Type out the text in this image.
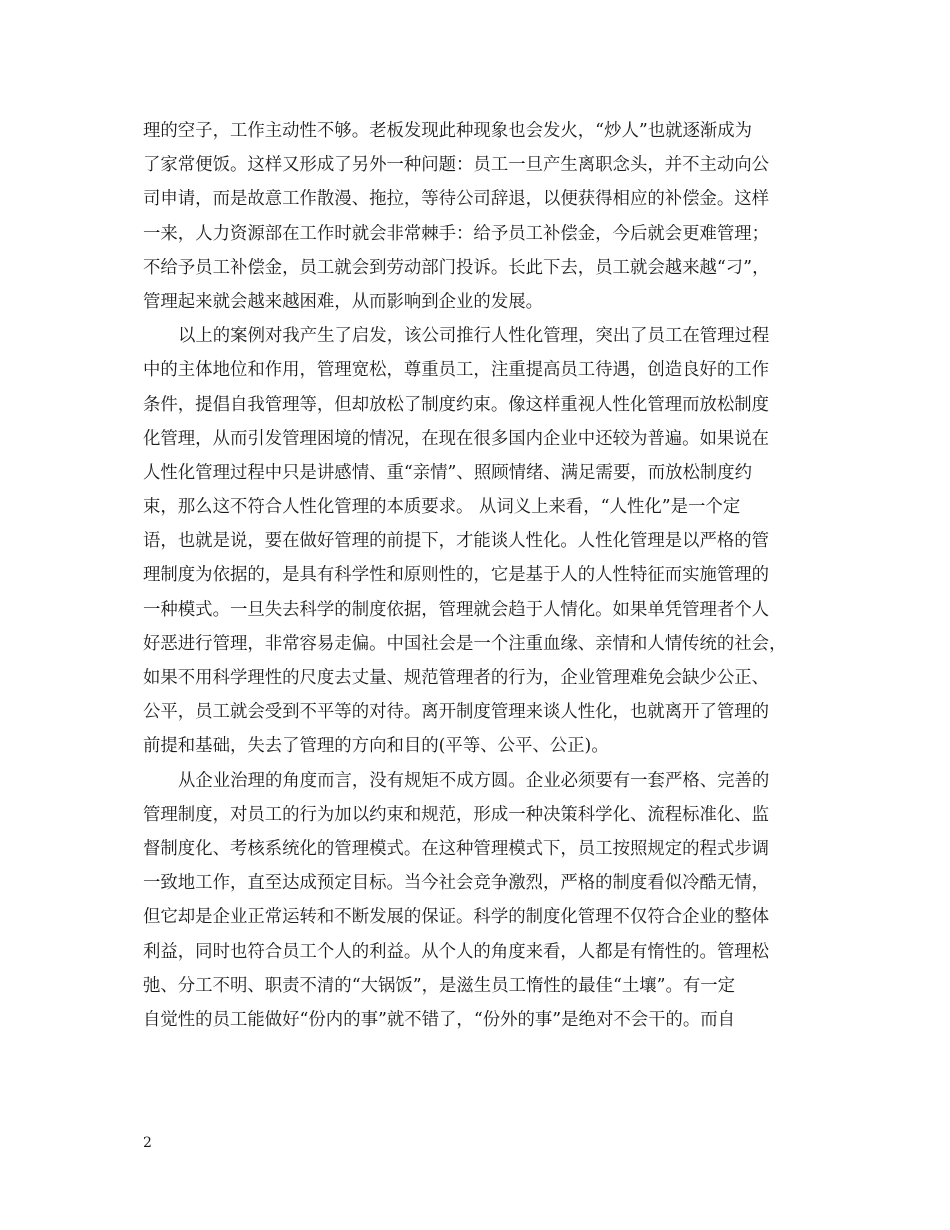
理的空子，工作主动性不够。老板发现此种现象也会发火，“炒人”也就逐渐成为
了家常便饭。这样又形成了另外一种问题：员工一旦产生离职念头，并不主动向公
司申请，而是故意工作散漫、拖拉，等待公司辞退，以便获得相应的补偿金。这样
一来，人力资源部在工作时就会非常棘手：给予员工补偿金，今后就会更难管理；
不给予员工补偿金，员工就会到劳动部门投诉。长此下去，员工就会越来越“刁”，
管理起来就会越来越困难，从而影响到企业的发展。
以上的案例对我产生了启发，该公司推行人性化管理，突出了员工在管理过程
中的主体地位和作用，管理宽松，尊重员工，注重提高员工待遇，创造良好的工作
条件，提倡自我管理等，但却放松了制度约束。像这样重视人性化管理而放松制度
化管理，从而引发管理困境的情况，在现在很多国内企业中还较为普遍。如果说在
人性化管理过程中只是讲感情、重“亲情”、照顾情绪、满足需要，而放松制度约
束，那么这不符合人性化管理的本质要求。 从词义上来看，“人性化”是一个定
语，也就是说，要在做好管理的前提下，才能谈人性化。人性化管理是以严格的管
理制度为依据的，是具有科学性和原则性的，它是基于人的人性特征而实施管理的
一种模式。一旦失去科学的制度依据，管理就会趋于人情化。如果单凭管理者个人
好恶进行管理，非常容易走偏。中国社会是一个注重血缘、亲情和人情传统的社会，
如果不用科学理性的尺度去丈量、规范管理者的行为，企业管理难免会缺少公正、
公平，员工就会受到不平等的对待。离开制度管理来谈人性化，也就离开了管理的
前提和基础，失去了管理的方向和目的(平等、公平、公正)。
从企业治理的角度而言，没有规矩不成方圆。企业必须要有一套严格、完善的
管理制度，对员工的行为加以约束和规范，形成一种决策科学化、流程标准化、监
督制度化、考核系统化的管理模式。在这种管理模式下，员工按照规定的程式步调
一致地工作，直至达成预定目标。当今社会竞争激烈，严格的制度看似冷酷无情，
但它却是企业正常运转和不断发展的保证。科学的制度化管理不仅符合企业的整体
利益，同时也符合员工个人的利益。从个人的角度来看，人都是有惰性的。管理松
弛、分工不明、职责不清的“大锅饭”，是滋生员工惰性的最佳“土壤”。有一定
自觉性的员工能做好“份内的事”就不错了，“份外的事”是绝对不会干的。而自
2
